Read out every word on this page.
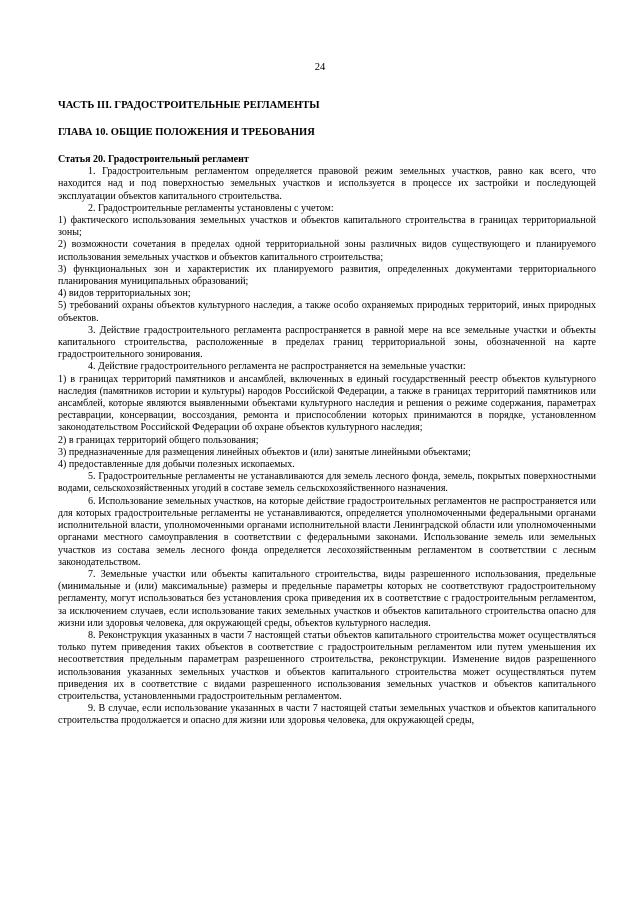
24
ЧАСТЬ III. ГРАДОСТРОИТЕЛЬНЫЕ РЕГЛАМЕНТЫ
ГЛАВА 10. ОБЩИЕ ПОЛОЖЕНИЯ И ТРЕБОВАНИЯ

Статья 20. Градостроительный регламент

1. Градостроительным регламентом определяется правовой режим земельных участков, равно как всего, что находится над и под поверхностью земельных участков и используется в процессе их застройки и последующей эксплуатации объектов капитального строительства.

2. Градостроительные регламенты установлены с учетом:

1) фактического использования земельных участков и объектов капитального строительства в границах территориальной зоны;

2) возможности сочетания в пределах одной территориальной зоны различных видов существующего и планируемого использования земельных участков и объектов капитального строительства;

3) функциональных зон и характеристик их планируемого развития, определенных документами территориального планирования муниципальных образований;

4) видов территориальных зон;

5) требований охраны объектов культурного наследия, а также особо охраняемых природных территорий, иных природных объектов.

3. Действие градостроительного регламента распространяется в равной мере на все земельные участки и объекты капитального строительства, расположенные в пределах границ территориальной зоны, обозначенной на карте градостроительного зонирования.

4. Действие градостроительного регламента не распространяется на земельные участки:

1) в границах территорий памятников и ансамблей, включенных в единый государственный реестр объектов культурного наследия (памятников истории и культуры) народов Российской Федерации, а также в границах территорий памятников или ансамблей, которые являются выявленными объектами культурного наследия и решения о режиме содержания, параметрах реставрации, консервации, воссоздания, ремонта и приспособлении которых принимаются в порядке, установленном законодательством Российской Федерации об охране объектов культурного наследия;

2) в границах территорий общего пользования;

3) предназначенные для размещения линейных объектов и (или) занятые линейными объектами;

4) предоставленные для добычи полезных ископаемых.

5. Градостроительные регламенты не устанавливаются для земель лесного фонда, земель, покрытых поверхностными водами, сельскохозяйственных угодий в составе земель сельскохозяйственного назначения.

6. Использование земельных участков, на которые действие градостроительных регламентов не распространяется или для которых градостроительные регламенты не устанавливаются, определяется уполномоченными федеральными органами исполнительной власти, уполномоченными органами исполнительной власти Ленинградской области или уполномоченными органами местного самоуправления в соответствии с федеральными законами. Использование земель или земельных участков из состава земель лесного фонда определяется лесохозяйственным регламентом в соответствии с лесным законодательством.

7. Земельные участки или объекты капитального строительства, виды разрешенного использования, предельные (минимальные и (или) максимальные) размеры и предельные параметры которых не соответствуют градостроительному регламенту, могут использоваться без установления срока приведения их в соответствие с градостроительным регламентом, за исключением случаев, если использование таких земельных участков и объектов капитального строительства опасно для жизни или здоровья человека, для окружающей среды, объектов культурного наследия.

8. Реконструкция указанных в части 7 настоящей статьи объектов капитального строительства может осуществляться только путем приведения таких объектов в соответствие с градостроительным регламентом или путем уменьшения их несоответствия предельным параметрам разрешенного строительства, реконструкции. Изменение видов разрешенного использования указанных земельных участков и объектов капитального строительства может осуществляться путем приведения их в соответствие с видами разрешенного использования земельных участков и объектов капитального строительства, установленными градостроительным регламентом.

9. В случае, если использование указанных в части 7 настоящей статьи земельных участков и объектов капитального строительства продолжается и опасно для жизни или здоровья человека, для окружающей среды,
